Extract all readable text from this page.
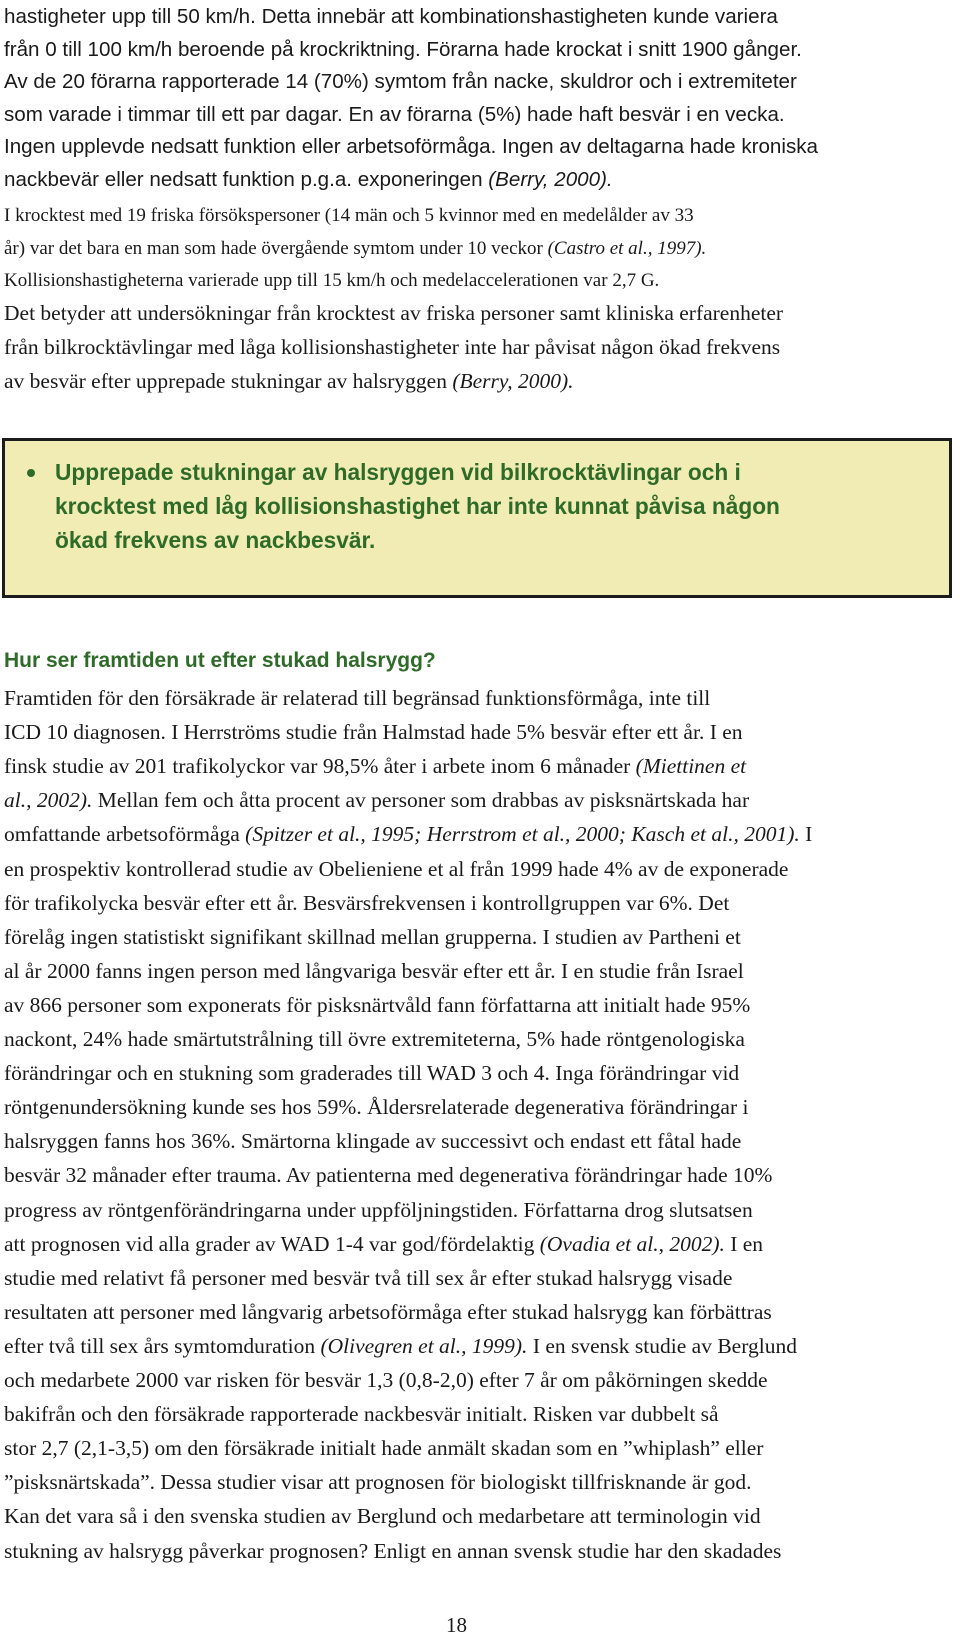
hastigheter upp till 50 km/h. Detta innebär att kombinationshastigheten kunde variera
från 0 till 100 km/h beroende på krockriktning. Förarna hade krockat i snitt 1900 gånger.
Av de 20 förarna rapporterade 14 (70%) symtom från nacke, skuldror och i extremiteter
som varade i timmar till ett par dagar. En av förarna (5%) hade haft besvär i en vecka.
Ingen upplevde nedsatt funktion eller arbetsoförmåga. Ingen av deltagarna hade kroniska
nackbevär eller nedsatt funktion p.g.a. exponeringen (Berry, 2000).
I krocktest med 19 friska försökspersoner (14 män och 5 kvinnor med en medelålder av 33
år) var det bara en man som hade övergående symtom under 10 veckor (Castro et al., 1997).
Kollisionshastigheterna varierade upp till 15 km/h och medelaccelerationen var 2,7 G.
Det betyder att undersökningar från krocktest av friska personer samt kliniska erfarenheter
från bilkrocktävlingar med låga kollisionshastigheter inte har påvisat någon ökad frekvens
av besvär efter upprepade stukningar av halsryggen (Berry, 2000).
Upprepade stukningar av halsryggen vid bilkrocktävlingar och i
krocktest med låg kollisionshastighet har inte kunnat påvisa någon
ökad frekvens av nackbesvär.
Hur ser framtiden ut efter stukad halsrygg?
Framtiden för den försäkrade är relaterad till begränsad funktionsförmåga, inte till
ICD 10 diagnosen. I Herrströms studie från Halmstad hade 5% besvär efter ett år. I en
finsk studie av 201 trafikolyckor var 98,5% åter i arbete inom 6 månader (Miettinen et
al., 2002). Mellan fem och åtta procent av personer som drabbas av pisksnärtskada har
omfattande arbetsoförmåga (Spitzer et al., 1995; Herrstrom et al., 2000; Kasch et al., 2001). I
en prospektiv kontrollerad studie av Obelieniene et al från 1999 hade 4% av de exponerade
för trafikolycka besvär efter ett år. Besvärsfrekvensen i kontrollgruppen var 6%. Det
förelåg ingen statistiskt signifikant skillnad mellan grupperna. I studien av Partheni et
al år 2000 fanns ingen person med långvariga besvär efter ett år. I en studie från Israel
av 866 personer som exponerats för pisksnärtvåld fann författarna att initialt hade 95%
nackont, 24% hade smärtutstrålning till övre extremiteterna, 5% hade röntgenologiska
förändringar och en stukning som graderades till WAD 3 och 4. Inga förändringar vid
röntgenundersökning kunde ses hos 59%. Åldersrelaterade degenerativa förändringar i
halsryggen fanns hos 36%. Smärtorna klingade av successivt och endast ett fåtal hade
besvär 32 månader efter trauma. Av patienterna med degenerativa förändringar hade 10%
progress av röntgenförändringarna under uppföljningstiden. Författarna drog slutsatsen
att prognosen vid alla grader av WAD 1-4 var god/fördelaktig (Ovadia et al., 2002). I en
studie med relativt få personer med besvär två till sex år efter stukad halsrygg visade
resultaten att personer med långvarig arbetsoförmåga efter stukad halsrygg kan förbättras
efter två till sex års symtomduration (Olivegren et al., 1999). I en svensk studie av Berglund
och medarbete 2000 var risken för besvär 1,3 (0,8-2,0) efter 7 år om påkörningen skedde
bakifrån och den försäkrade rapporterade nackbesvär initialt. Risken var dubbelt så
stor 2,7 (2,1-3,5) om den försäkrade initialt hade anmält skadan som en ”whiplash” eller
”pisksnärtskada”. Dessa studier visar att prognosen för biologiskt tillfrisknande är god.
Kan det vara så i den svenska studien av Berglund och medarbetare att terminologin vid
stukning av halsrygg påverkar prognosen? Enligt en annan svensk studie har den skadades
18
